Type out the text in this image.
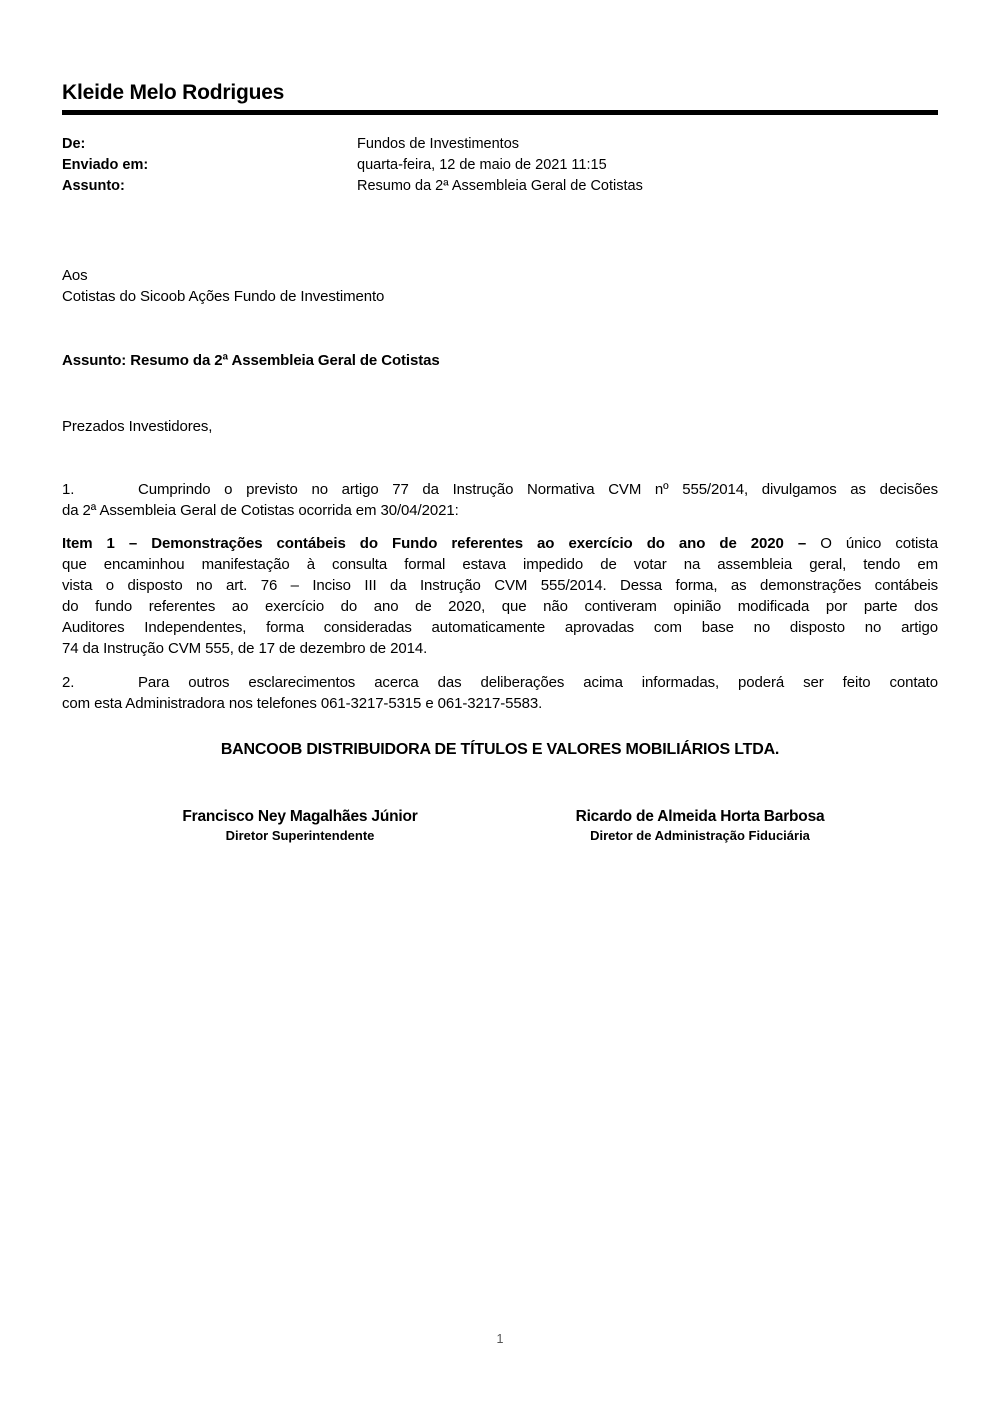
Kleide Melo Rodrigues
De:	Fundos de Investimentos
Enviado em:	quarta-feira, 12 de maio de 2021 11:15
Assunto:	Resumo da 2ª Assembleia Geral de Cotistas
Aos
Cotistas do Sicoob Ações Fundo de Investimento
Assunto: Resumo da 2ª Assembleia Geral de Cotistas
Prezados Investidores,
1.	Cumprindo o previsto no artigo 77 da Instrução Normativa CVM nº 555/2014, divulgamos as decisões
da 2ª Assembleia Geral de Cotistas ocorrida em 30/04/2021:
Item 1 – Demonstrações contábeis do Fundo referentes ao exercício do ano de 2020 – O único cotista
que encaminhou manifestação à consulta formal estava impedido de votar na assembleia geral, tendo em
vista o disposto no art. 76 – Inciso III da Instrução CVM 555/2014. Dessa forma, as demonstrações contábeis
do fundo referentes ao exercício do ano de 2020, que não contiveram opinião modificada por parte dos
Auditores Independentes, forma consideradas automaticamente aprovadas com base no disposto no artigo
74 da Instrução CVM 555, de 17 de dezembro de 2014.
2.	Para outros esclarecimentos acerca das deliberações acima informadas, poderá ser feito contato
com esta Administradora nos telefones 061-3217-5315 e 061-3217-5583.
BANCOOB DISTRIBUIDORA DE TÍTULOS E VALORES MOBILIÁRIOS LTDA.
Francisco Ney Magalhães Júnior
Diretor Superintendente
Ricardo de Almeida Horta Barbosa
Diretor de Administração Fiduciária
1
